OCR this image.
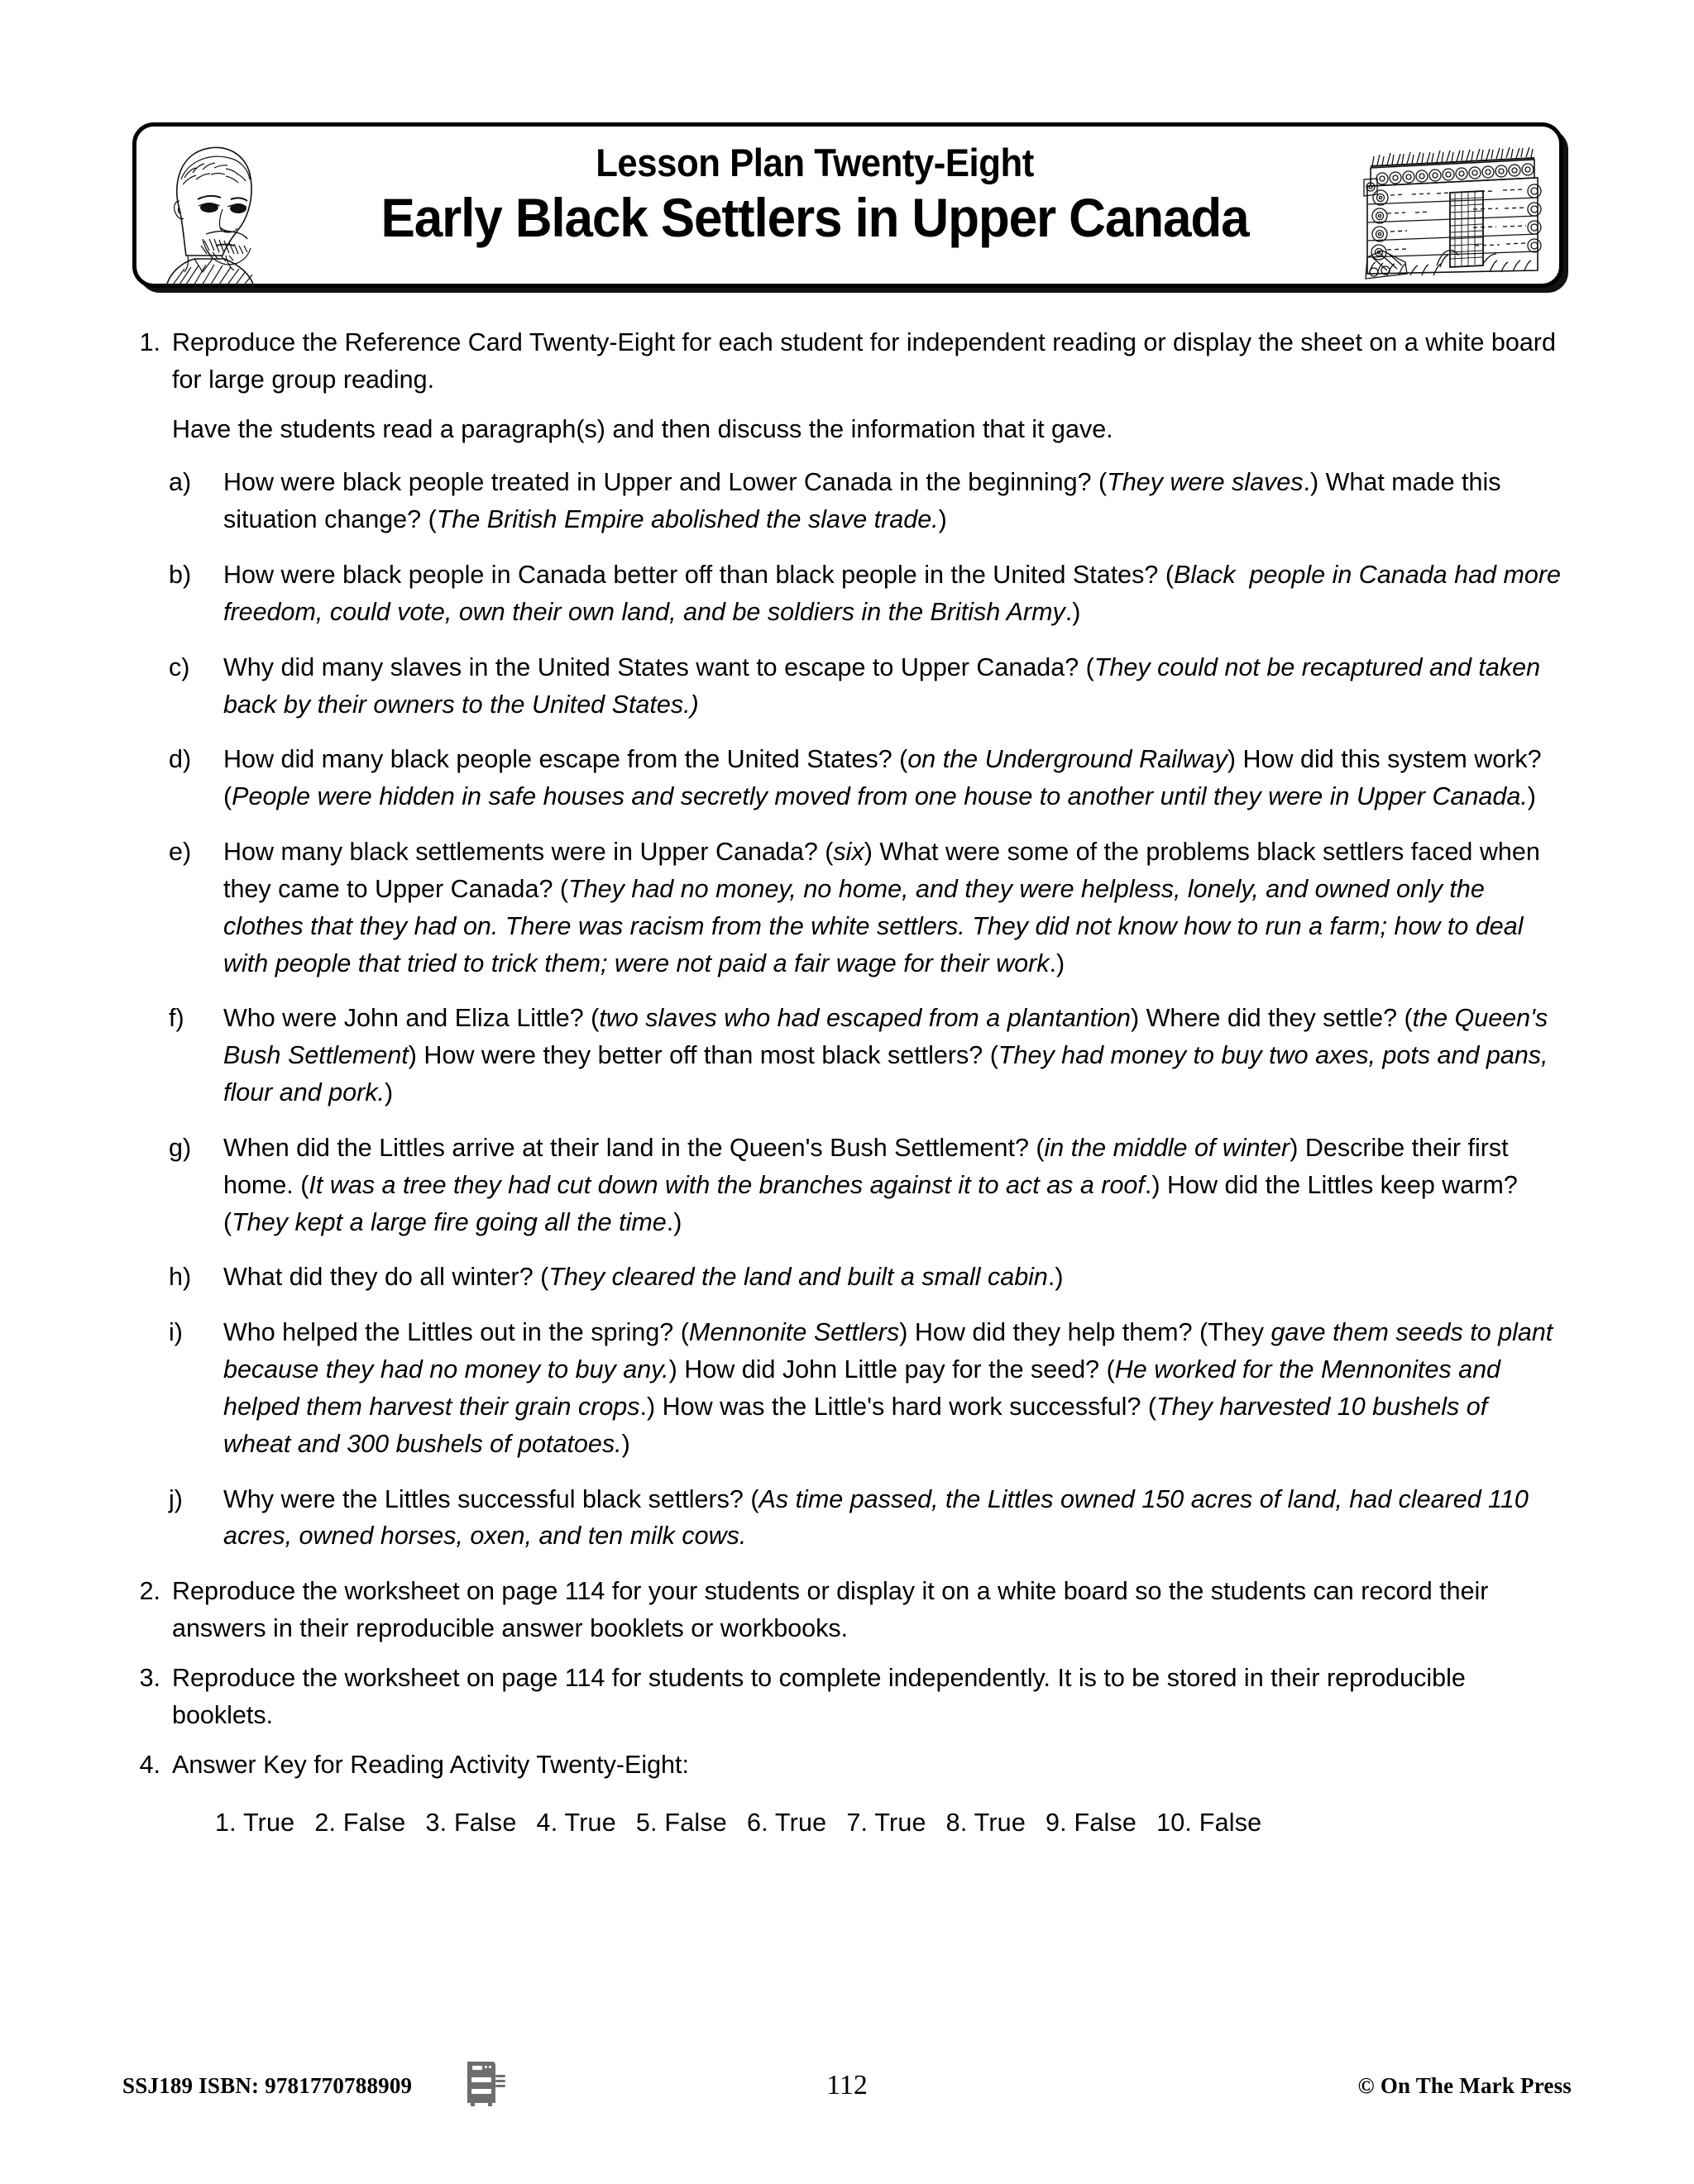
Lesson Plan Twenty-Eight
Early Black Settlers in Upper Canada
1. Reproduce the Reference Card Twenty-Eight for each student for independent reading or display the sheet on a white board for large group reading.
Have the students read a paragraph(s) and then discuss the information that it gave.
a)	How were black people treated in Upper and Lower Canada in the beginning? (They were slaves.) What made this situation change? (The British Empire abolished the slave trade.)
b)	How were black people in Canada better off than black people in the United States? (Black  people in Canada had more freedom, could vote, own their own land, and be soldiers in the British Army.)
c)	Why did many slaves in the United States want to escape to Upper Canada? (They could not be recaptured and taken back by their owners to the United States.)
d)	How did many black people escape from the United States? (on the Underground Railway) How did this system work? (People were hidden in safe houses and secretly moved from one house to another until they were in Upper Canada.)
e)	How many black settlements were in Upper Canada? (six) What were some of the problems black settlers faced when they came to Upper Canada? (They had no money, no home, and they were helpless, lonely, and owned only the clothes that they had on. There was racism from the white settlers. They did not know how to run a farm; how to deal with people that tried to trick them; were not paid a fair wage for their work.)
f)	Who were John and Eliza Little? (two slaves who had escaped from a plantantion) Where did they settle? (the Queen's Bush Settlement) How were they better off than most black settlers? (They had money to buy two axes, pots and pans, flour and pork.)
g)	When did the Littles arrive at their land in the Queen's Bush Settlement? (in the middle of winter) Describe their first home. (It was a tree they had cut down with the branches against it to act as a roof.) How did the Littles keep warm? (They kept a large fire going all the time.)
h)	What did they do all winter? (They cleared the land and built a small cabin.)
i)	Who helped the Littles out in the spring? (Mennonite Settlers) How did they help them? (They gave them seeds to plant because they had no money to buy any.) How did John Little pay for the seed? (He worked for the Mennonites and helped them harvest their grain crops.) How was the Little's hard work successful? (They harvested 10 bushels of wheat and 300 bushels of potatoes.)
j)	Why were the Littles successful black settlers? (As time passed, the Littles owned 150 acres of land, had cleared 110 acres, owned horses, oxen, and ten milk cows.
2. Reproduce the worksheet on page 114 for your students or display it on a white board so the students can record their answers in their reproducible answer booklets or workbooks.
3. Reproduce the worksheet on page 114 for students to complete independently. It is to be stored in their reproducible booklets.
4. Answer Key for Reading Activity Twenty-Eight:
1. True 2. False 3. False 4. True 5. False 6. True 7. True 8. True 9. False 10. False
SSJ189 ISBN: 9781770788909	112	© On The Mark Press
